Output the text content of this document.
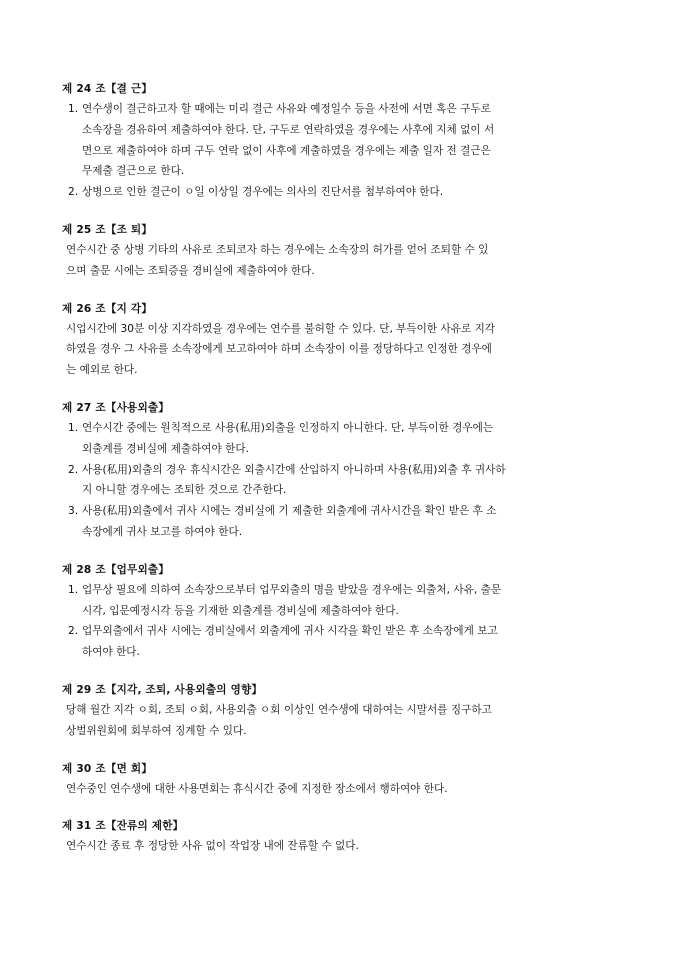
제 24 조【결 근】
1. 연수생이 결근하고자 할 때에는 미리 결근 사유와 예정일수 등을 사전에 서면 혹은 구두로
소속장을 경유하여 제출하여야 한다. 단, 구두로 연락하였을 경우에는 사후에 지체 없이 서
면으로 제출하여야 하며 구두 연락 없이 사후에 계출하였을 경우에는 제출 일자 전 결근은
무제출 결근으로 한다.
2. 상병으로 인한 결근이 ㅇ일 이상일 경우에는 의사의 진단서를 첨부하여야 한다.
제 25 조【조 퇴】
연수시간 중 상병 기타의 사유로 조퇴코자 하는 경우에는 소속장의 허가를 얻어 조퇴할 수 있
으며 출문 시에는 조퇴증을 경비실에 제출하여야 한다.
제 26 조【지 각】
시업시간에 30분 이상 지각하였을 경우에는 연수를 불허할 수 있다. 단, 부득이한 사유로 지각
하였을 경우 그 사유를 소속장에게 보고하여야 하며 소속장이 이를 정당하다고 인정한 경우에
는 예외로 한다.
제 27 조【사용외출】
1. 연수시간 중에는 원칙적으로 사용(私用)외출을 인정하지 아니한다. 단, 부득이한 경우에는
외출계를 경비실에 제출하여야 한다.
2. 사용(私用)외출의 경우 휴식시간은 외출시간에 산입하지 아니하며 사용(私用)외출 후 귀사하
지 아니할 경우에는 조퇴한 것으로 간주한다.
3. 사용(私用)외출에서 귀사 시에는 경비실에 기 제출한 외출계에 귀사시간을 확인 받은 후 소
속장에게 귀사 보고를 하여야 한다.
제 28 조【업무외출】
1. 업무상 필요에 의하여 소속장으로부터 업무외출의 명을 받았을 경우에는 외출처, 사유, 출문
시각, 입문예정시각 등을 기재한 외출계를 경비실에 제출하여야 한다.
2. 업무외출에서 귀사 시에는 경비실에서 외출계에 귀사 시각을 확인 받은 후 소속장에게 보고
하여야 한다.
제 29 조【지각, 조퇴, 사용외출의 영향】
당해 월간 지각 ㅇ회, 조퇴 ㅇ회, 사용외출 ㅇ회 이상인 연수생에 대하여는 시말서를 징구하고
상벌위원회에 회부하여 징계할 수 있다.
제 30 조【면 회】
연수중인 연수생에 대한 사용면회는 휴식시간 중에 지정한 장소에서 행하여야 한다.
제 31 조【잔류의 제한】
연수시간 종료 후 정당한 사유 없이 작업장 내에 잔류할 수 없다.
